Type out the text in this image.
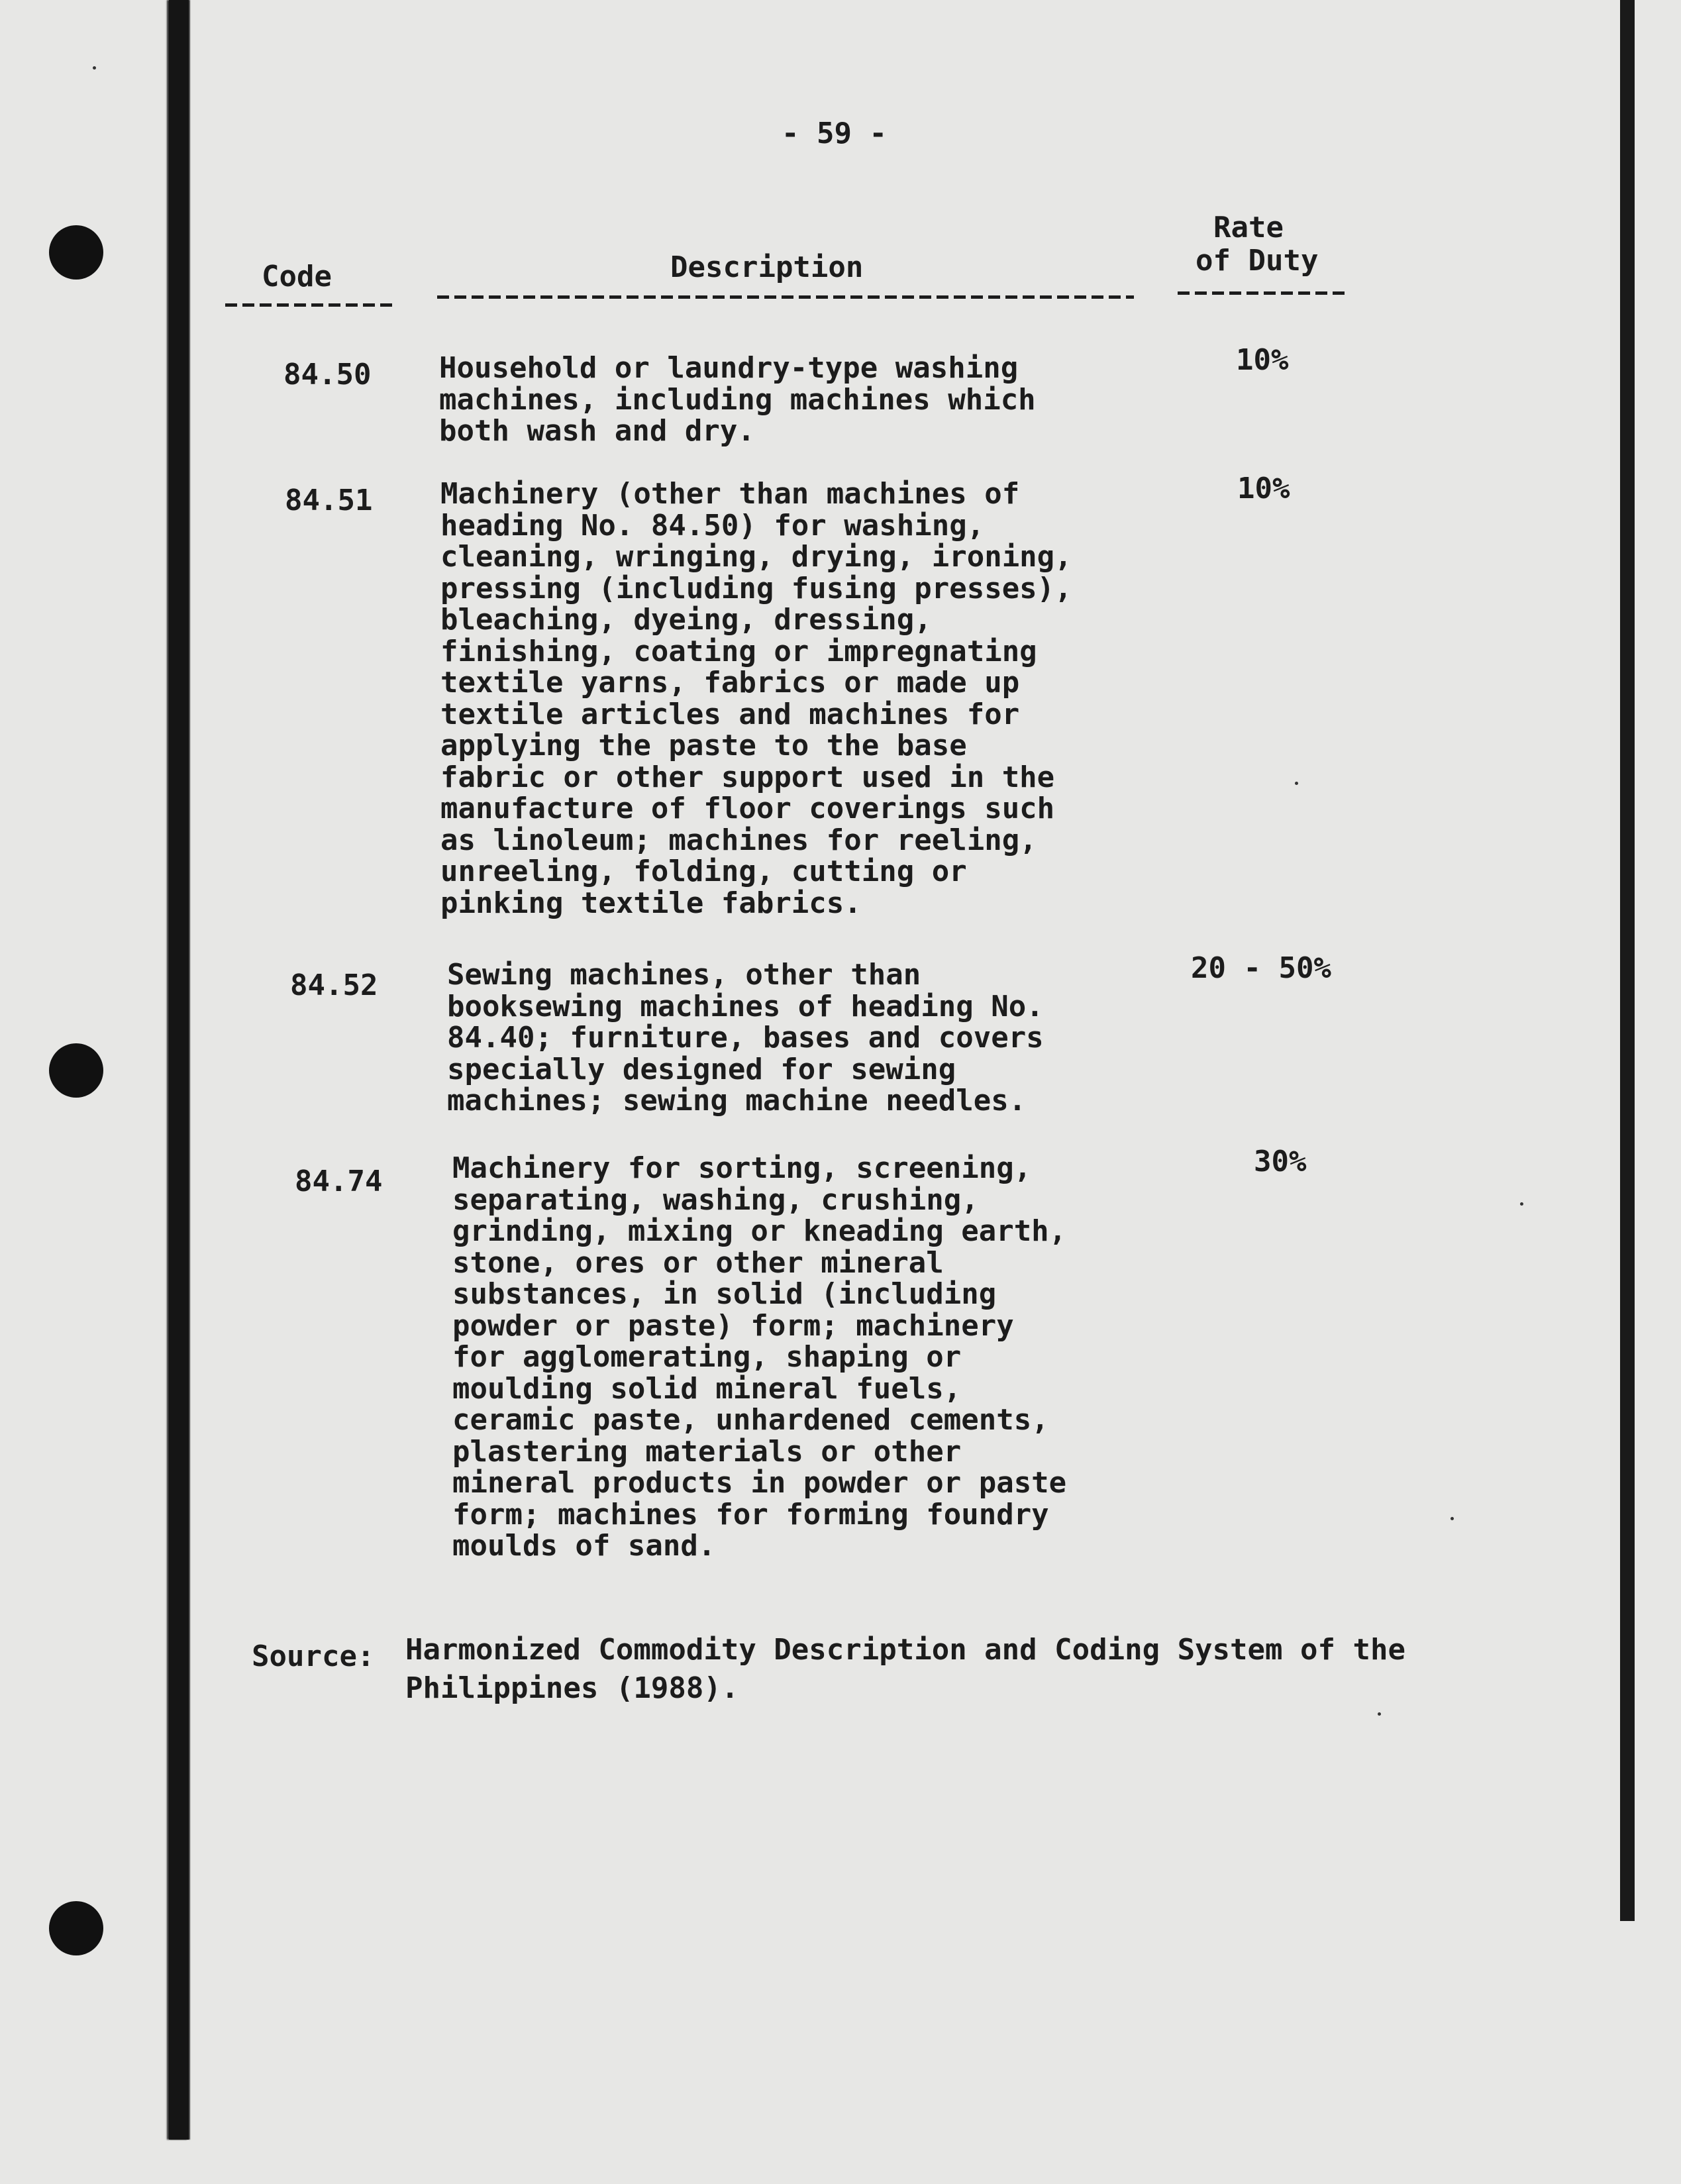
- 59 -
Code	Description
Rate
of Duty
84.50 Household or laundry-type washing
machines, including machines which
both wash and dry.
10%
84.51 Machinery (other than machines of
heading No. 84.50) for washing,
cleaning, wringing, drying, ironing,
pressing (including fusing presses),
bleaching, dyeing, dressing,
finishing, coating or impregnating
textile yarns, fabrics or made up
textile articles and machines for
applying the paste to the base
fabric or other support used in the
manufacture of floor coverings such
as linoleum; machines for reeling,
unreeling, folding, cutting or
pinking textile fabrics.
10%
84.52 Sewing machines, other than
booksewing machines of heading No.
84.40; furniture, bases and covers
specially designed for sewing
machines; sewing machine needles.
20 - 50%
84.74 Machinery for sorting, screening,
separating, washing, crushing,
grinding, mixing or kneading earth,
stone, ores or other mineral
substances, in solid (including
powder or paste) form; machinery
for agglomerating, shaping or
moulding solid mineral fuels,
ceramic paste, unhardened cements,
plastering materials or other
mineral products in powder or paste
form; machines for forming foundry
moulds of sand.
30%
Source: Harmonized Commodity Description and Coding System of the
Philippines (1988).
